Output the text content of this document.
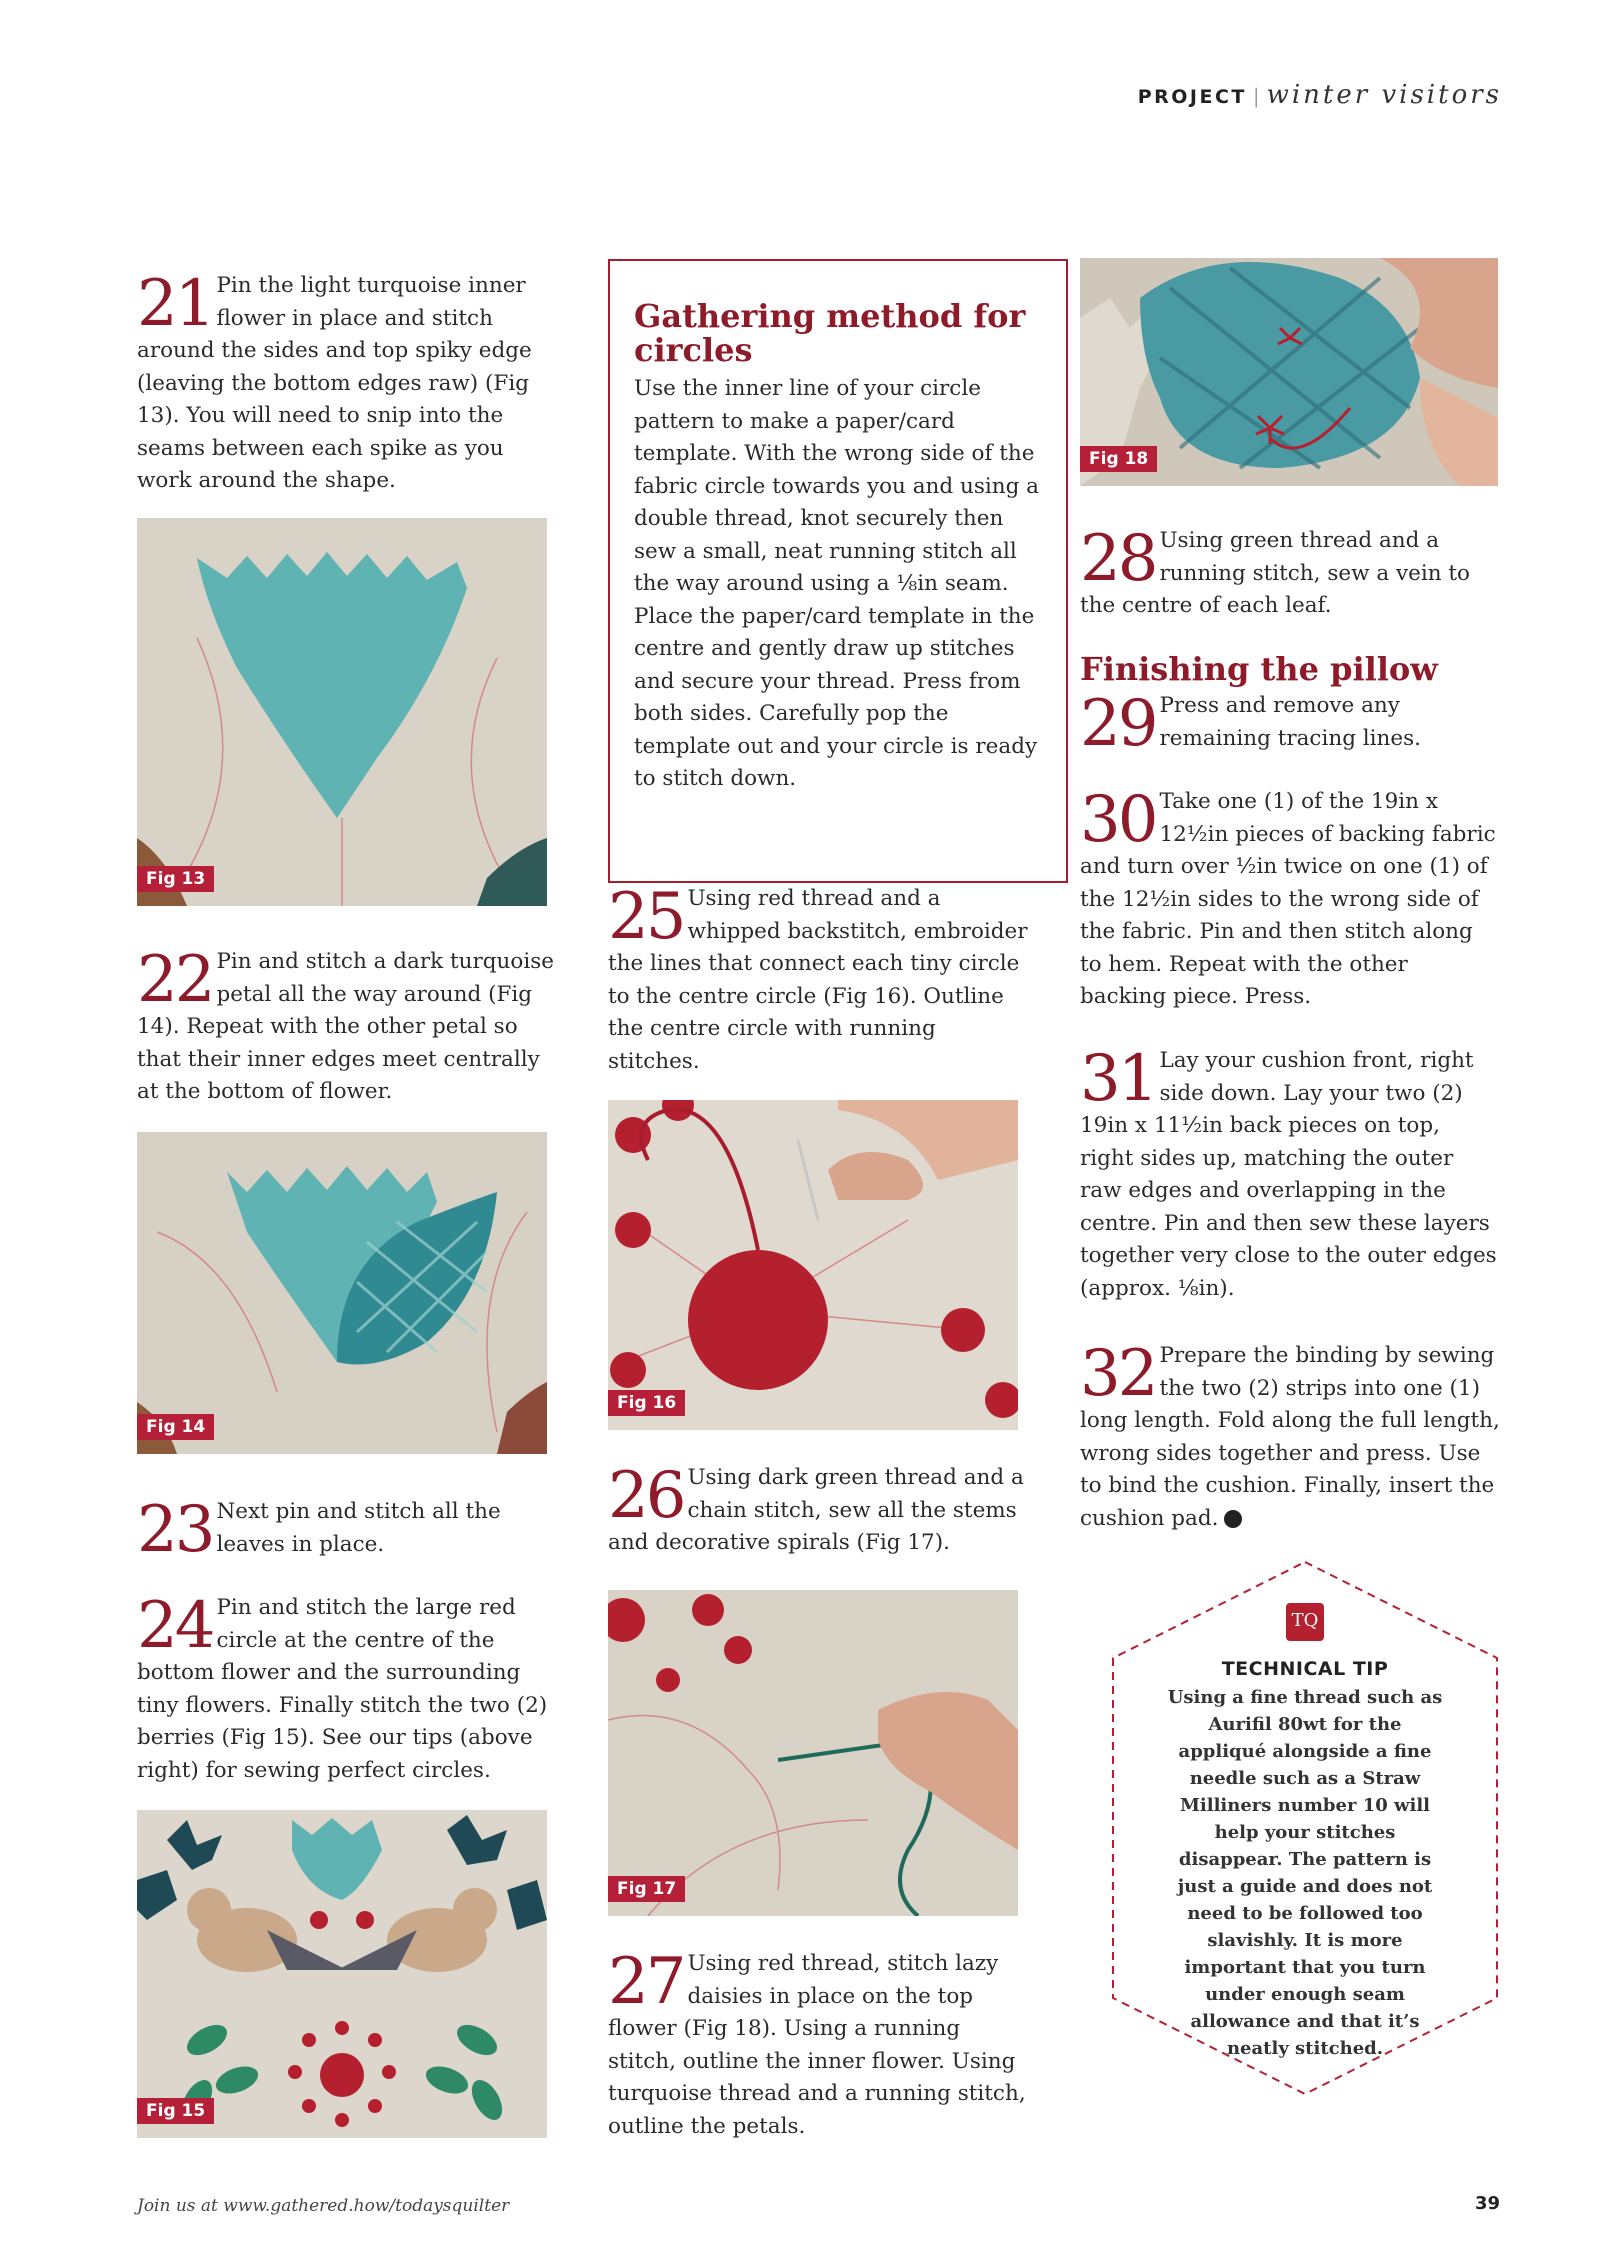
PROJECT | winter visitors

21 Pin the light turquoise inner flower in place and stitch around the sides and top spiky edge (leaving the bottom edges raw) (Fig 13). You will need to snip into the seams between each spike as you work around the shape.

Fig 13

22 Pin and stitch a dark turquoise petal all the way around (Fig 14). Repeat with the other petal so that their inner edges meet centrally at the bottom of flower.

Fig 14

23 Next pin and stitch all the leaves in place.

24 Pin and stitch the large red circle at the centre of the bottom flower and the surrounding tiny flowers. Finally stitch the two (2) berries (Fig 15). See our tips (above right) for sewing perfect circles.

Fig 15
Gathering method for circles

Use the inner line of your circle pattern to make a paper/card template. With the wrong side of the fabric circle towards you and using a double thread, knot securely then sew a small, neat running stitch all the way around using a ⅛in seam. Place the paper/card template in the centre and gently draw up stitches and secure your thread. Press from both sides. Carefully pop the template out and your circle is ready to stitch down.

25 Using red thread and a whipped backstitch, embroider the lines that connect each tiny circle to the centre circle (Fig 16). Outline the centre circle with running stitches.

Fig 16

26 Using dark green thread and a chain stitch, sew all the stems and decorative spirals (Fig 17).

Fig 17

27 Using red thread, stitch lazy daisies in place on the top flower (Fig 18). Using a running stitch, outline the inner flower. Using turquoise thread and a running stitch, outline the petals.

Fig 18

28 Using green thread and a running stitch, sew a vein to the centre of each leaf.

Finishing the pillow

29 Press and remove any remaining tracing lines.

30 Take one (1) of the 19in x 12½in pieces of backing fabric and turn over ½in twice on one (1) of the 12½in sides to the wrong side of the fabric. Pin and then stitch along to hem. Repeat with the other backing piece. Press.

31 Lay your cushion front, right side down. Lay your two (2) 19in x 11½in back pieces on top, right sides up, matching the outer raw edges and overlapping in the centre. Pin and then sew these layers together very close to the outer edges (approx. ⅛in).

32 Prepare the binding by sewing the two (2) strips into one (1) long length. Fold along the full length, wrong sides together and press. Use to bind the cushion. Finally, insert the cushion pad.

TQ
TECHNICAL TIP
Using a fine thread such as Aurifil 80wt for the appliqué alongside a fine needle such as a Straw Milliners number 10 will help your stitches disappear. The pattern is just a guide and does not need to be followed too slavishly. It is more important that you turn under enough seam allowance and that it’s neatly stitched.
Join us at www.gathered.how/todaysquilter	39
